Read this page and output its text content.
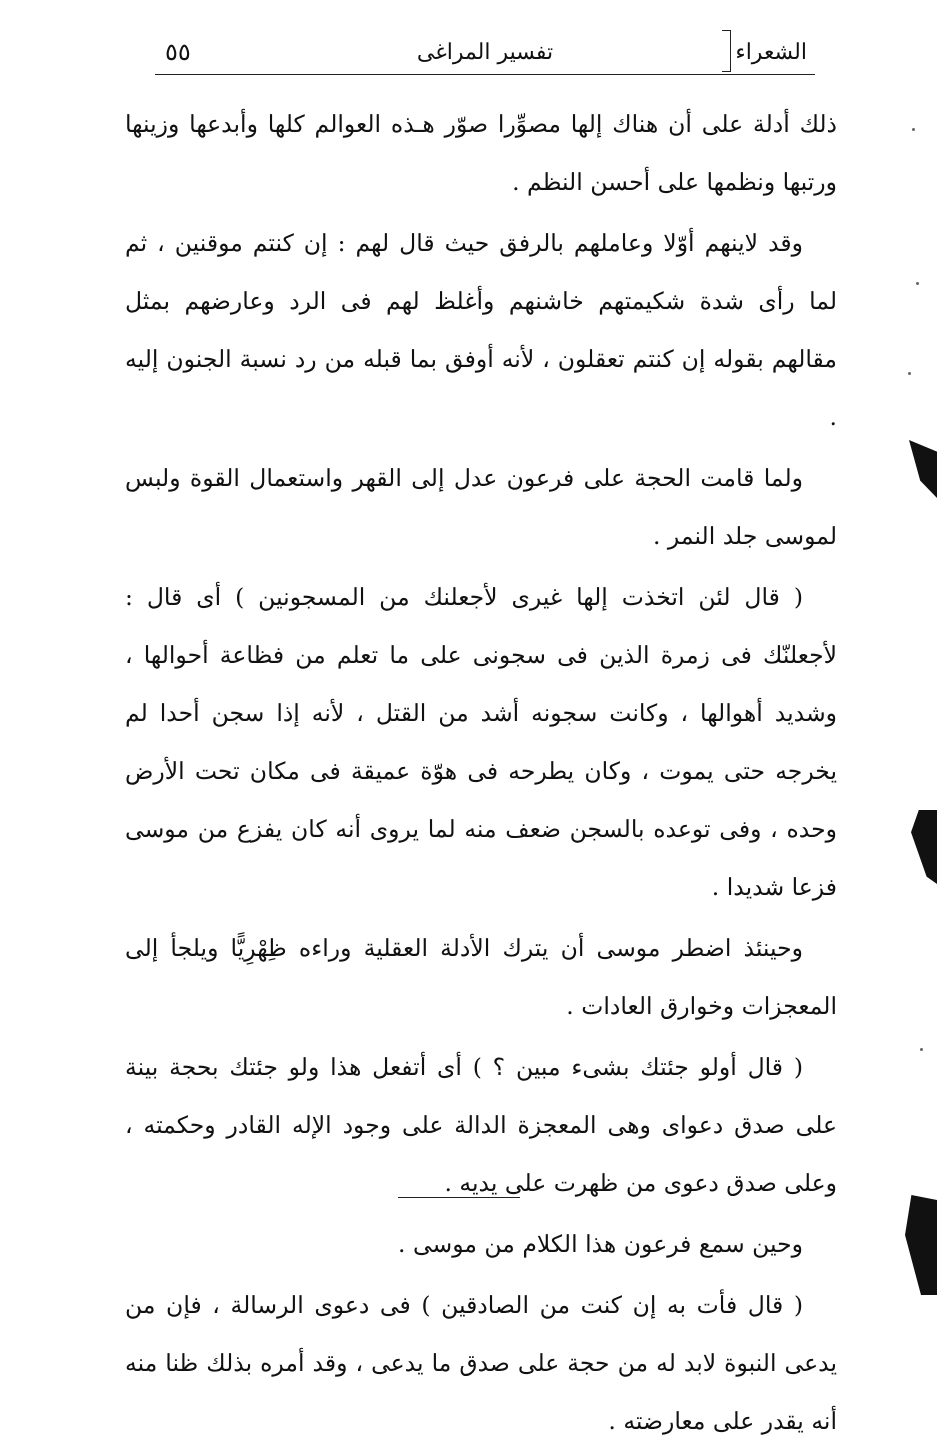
٥٥	تفسير المراغى	الشعراء

ذلك أدلة على أن هناك إلها مصوِّرا صوّر هـذه العوالم كلها وأبدعها وزينها ورتبها ونظمها على أحسن النظم .

وقد لاينهم أوّلا وعاملهم بالرفق حيث قال لهم : إن كنتم موقنين ، ثم لما رأى شدة شكيمتهم خاشنهم وأغلظ لهم فى الرد وعارضهم بمثل مقالهم بقوله إن كنتم تعقلون ، لأنه أوفق بما قبله من رد نسبة الجنون إليه .

ولما قامت الحجة على فرعون عدل إلى القهر واستعمال القوة ولبس لموسى جلد النمر .

( قال لئن اتخذت إلها غيرى لأجعلنك من المسجونين ) أى قال : لأجعلنّك فى زمرة الذين فى سجونى على ما تعلم من فظاعة أحوالها ، وشديد أهوالها ، وكانت سجونه أشد من القتل ، لأنه إذا سجن أحدا لم يخرجه حتى يموت ، وكان يطرحه فى هوّة عميقة فى مكان تحت الأرض وحده ، وفى توعده بالسجن ضعف منه لما يروى أنه كان يفزع من موسى فزعا شديدا .

وحينئذ اضطر موسى أن يترك الأدلة العقلية وراءه ظِهْرِيًّا ويلجأ إلى المعجزات وخوارق العادات .

( قال أولو جئتك بشىء مبين ؟ ) أى أتفعل هذا ولو جئتك بحجة بينة على صدق دعواى وهى المعجزة الدالة على وجود الإله القادر وحكمته ، وعلى صدق دعوى من ظهرت على يديه .

وحين سمع فرعون هذا الكلام من موسى .

( قال فأت به إن كنت من الصادقين ) فى دعوى الرسالة ، فإن من يدعى النبوة لابد له من حجة على صدق ما يدعى ، وقد أمره بذلك ظنا منه أنه يقدر على معارضته .
